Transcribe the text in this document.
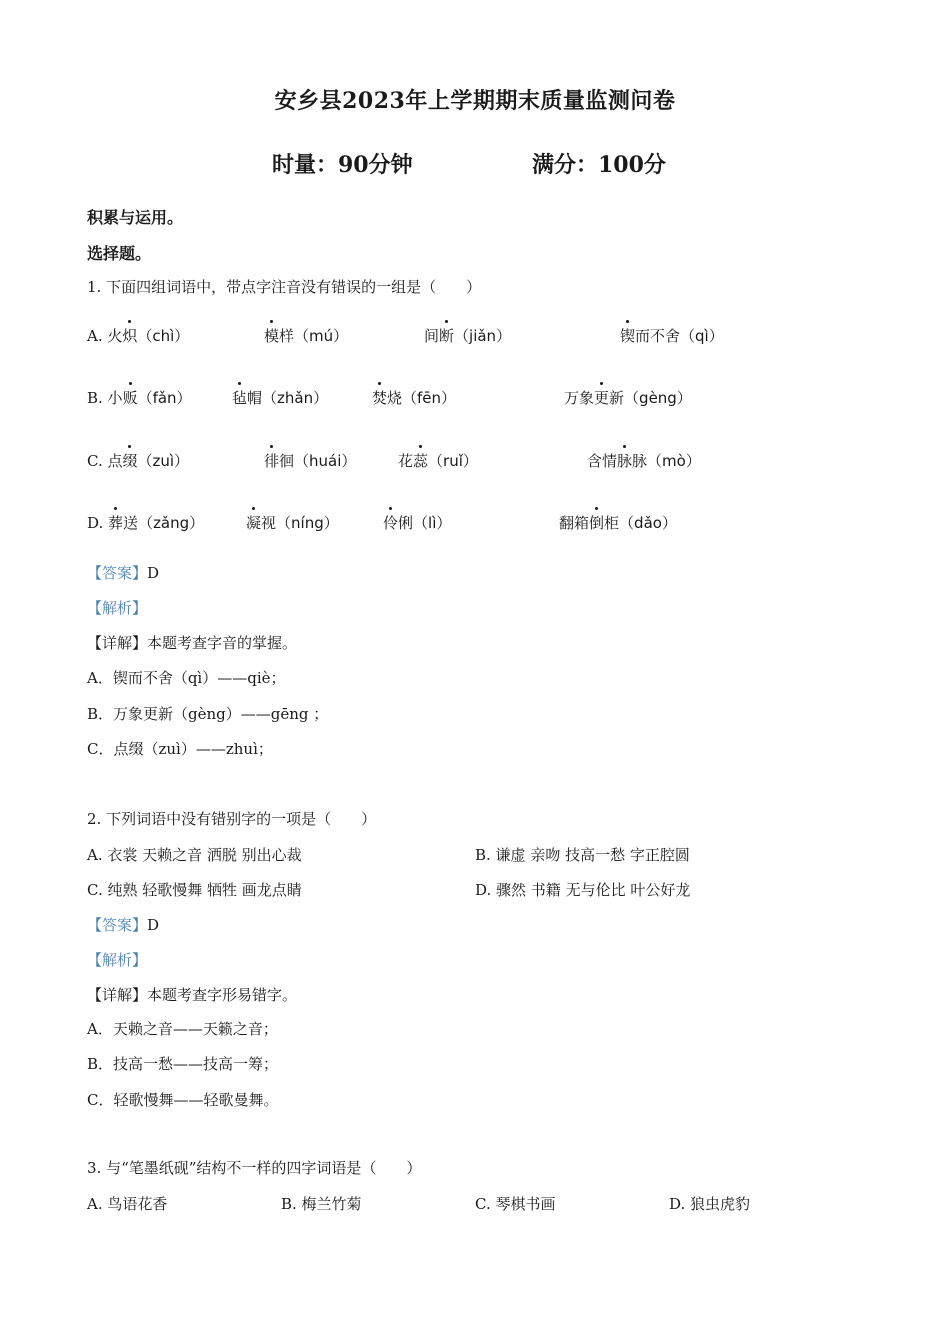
安乡县2023年上学期期末质量监测问卷
时量：90分钟	满分：100分
积累与运用。
选择题。
1. 下面四组词语中，带点字注音没有错误的一组是（　　）
A. 火炽（chì）	模样（mú）	间断（jiǎn）	锲而不舍（qì）
B. 小贩（fǎn）	毡帽（zhǎn）	焚烧（fēn）	万象更新（gèng）
C. 点缀（zuì）	徘徊（huái）	花蕊（ruǐ）	含情脉脉（mò）
D. 葬送（zǎng）	凝视（níng）	伶俐（lì）	翻箱倒柜（dǎo）
【答案】D
【解析】
【详解】本题考查字音的掌握。
A．锲而不舍（qì）——qiè；
B．万象更新（gèng）——gēng ；
C．点缀（zuì）——zhuì；
2. 下列词语中没有错别字的一项是（　　）
A. 衣裳 天赖之音 洒脱 别出心裁	B. 谦虚 亲吻 技高一愁 字正腔圆
C. 纯熟 轻歌慢舞 牺牲 画龙点睛	D. 骤然 书籍 无与伦比 叶公好龙
【答案】D
【解析】
【详解】本题考查字形易错字。
A．天赖之音——天籁之音；
B．技高一愁——技高一筹；
C．轻歌慢舞——轻歌曼舞。
3. 与“笔墨纸砚”结构不一样的四字词语是（　　）
A. 鸟语花香	B. 梅兰竹菊	C. 琴棋书画	D. 狼虫虎豹
